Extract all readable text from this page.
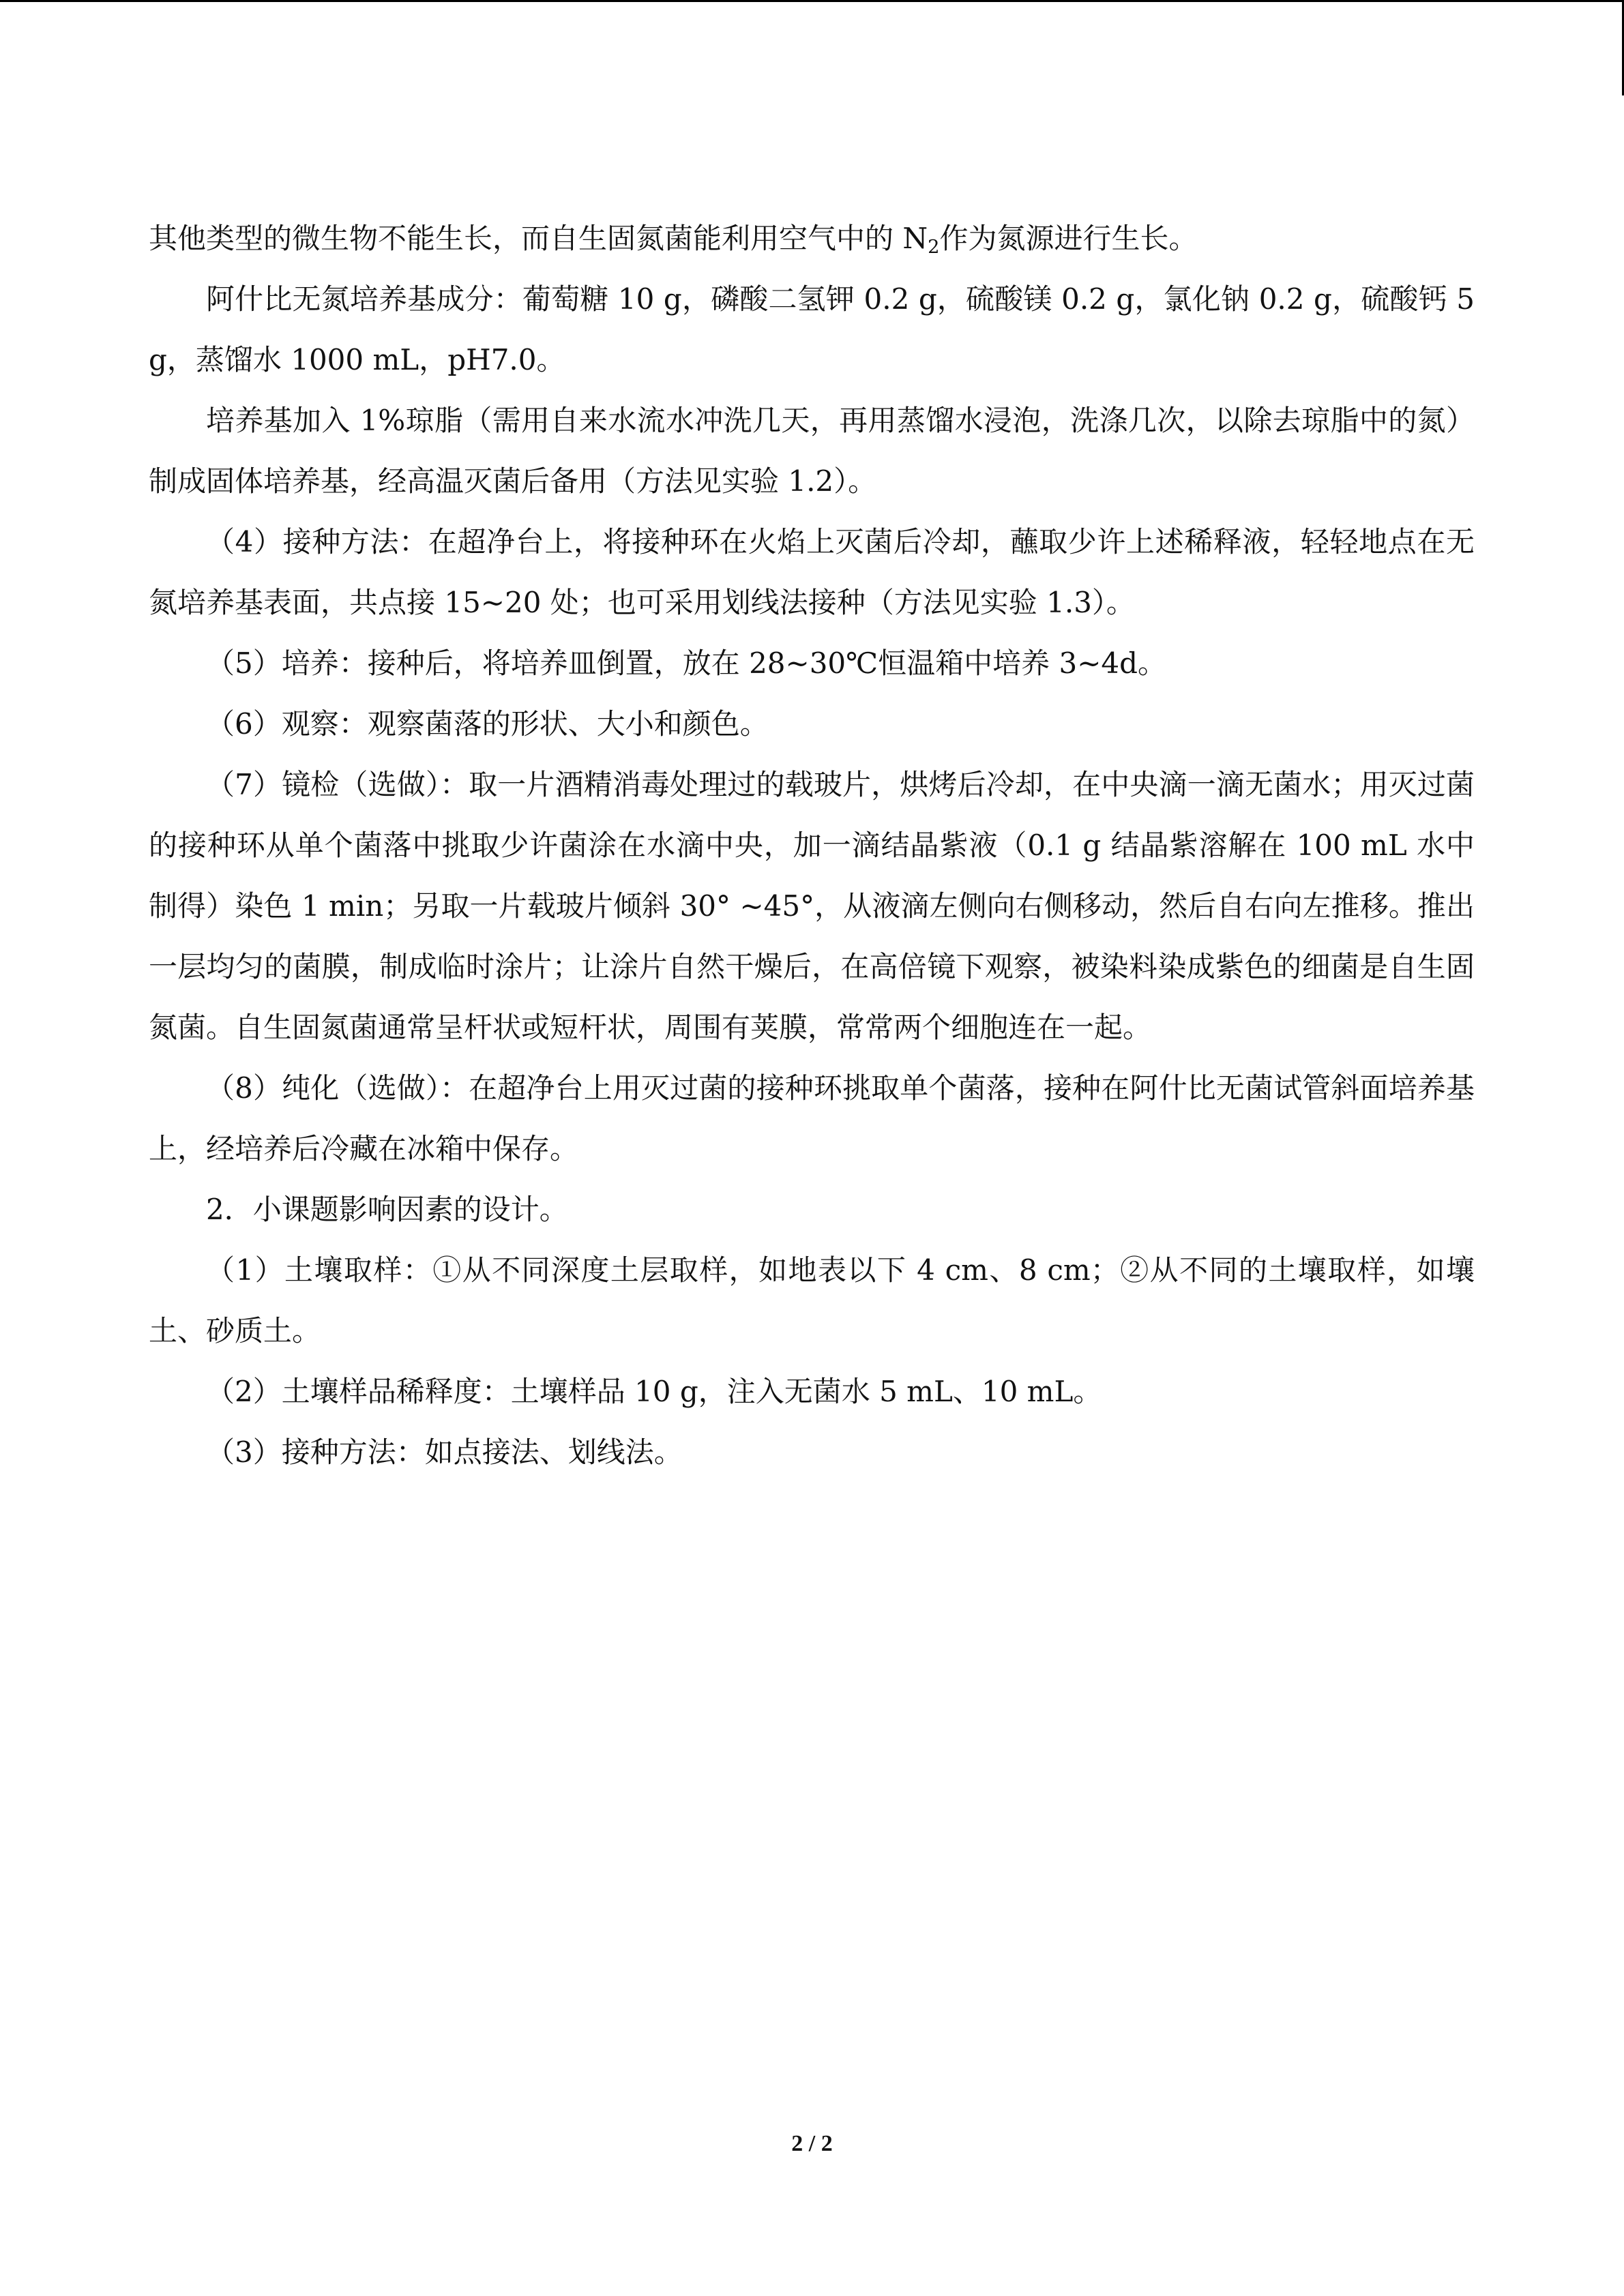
其他类型的微生物不能生长，而自生固氮菌能利用空气中的 $N_2$作为氮源进行生长。

阿什比无氮培养基成分：葡萄糖 10 g，磷酸二氢钾 0.2 g，硫酸镁 0.2 g，氯化钠 0.2 g，硫酸钙 5 g，蒸馏水 1000 mL，pH7.0。

培养基加入 1%琼脂（需用自来水流水冲洗几天，再用蒸馏水浸泡，洗涤几次，以除去琼脂中的氮）制成固体培养基，经高温灭菌后备用（方法见实验 1.2）。

（4）接种方法：在超净台上，将接种环在火焰上灭菌后冷却，蘸取少许上述稀释液，轻轻地点在无氮培养基表面，共点接 15~20 处；也可采用划线法接种（方法见实验 1.3）。

（5）培养：接种后，将培养皿倒置，放在 28~30℃恒温箱中培养 3~4d。

（6）观察：观察菌落的形状、大小和颜色。

（7）镜检（选做）：取一片酒精消毒处理过的载玻片，烘烤后冷却，在中央滴一滴无菌水；用灭过菌的接种环从单个菌落中挑取少许菌涂在水滴中央，加一滴结晶紫液（0.1 g 结晶紫溶解在 100 mL 水中制得）染色 1 min；另取一片载玻片倾斜 30° ~45°，从液滴左侧向右侧移动，然后自右向左推移。推出一层均匀的菌膜，制成临时涂片；让涂片自然干燥后，在高倍镜下观察，被染料染成紫色的细菌是自生固氮菌。自生固氮菌通常呈杆状或短杆状，周围有荚膜，常常两个细胞连在一起。

（8）纯化（选做）：在超净台上用灭过菌的接种环挑取单个菌落，接种在阿什比无菌试管斜面培养基上，经培养后冷藏在冰箱中保存。

2．小课题影响因素的设计。

（1）土壤取样：①从不同深度土层取样，如地表以下 4 cm、8 cm；②从不同的土壤取样，如壤土、砂质土。

（2）土壤样品稀释度：土壤样品 10 g，注入无菌水 5 mL、10 mL。

（3）接种方法：如点接法、划线法。

2 / 2
